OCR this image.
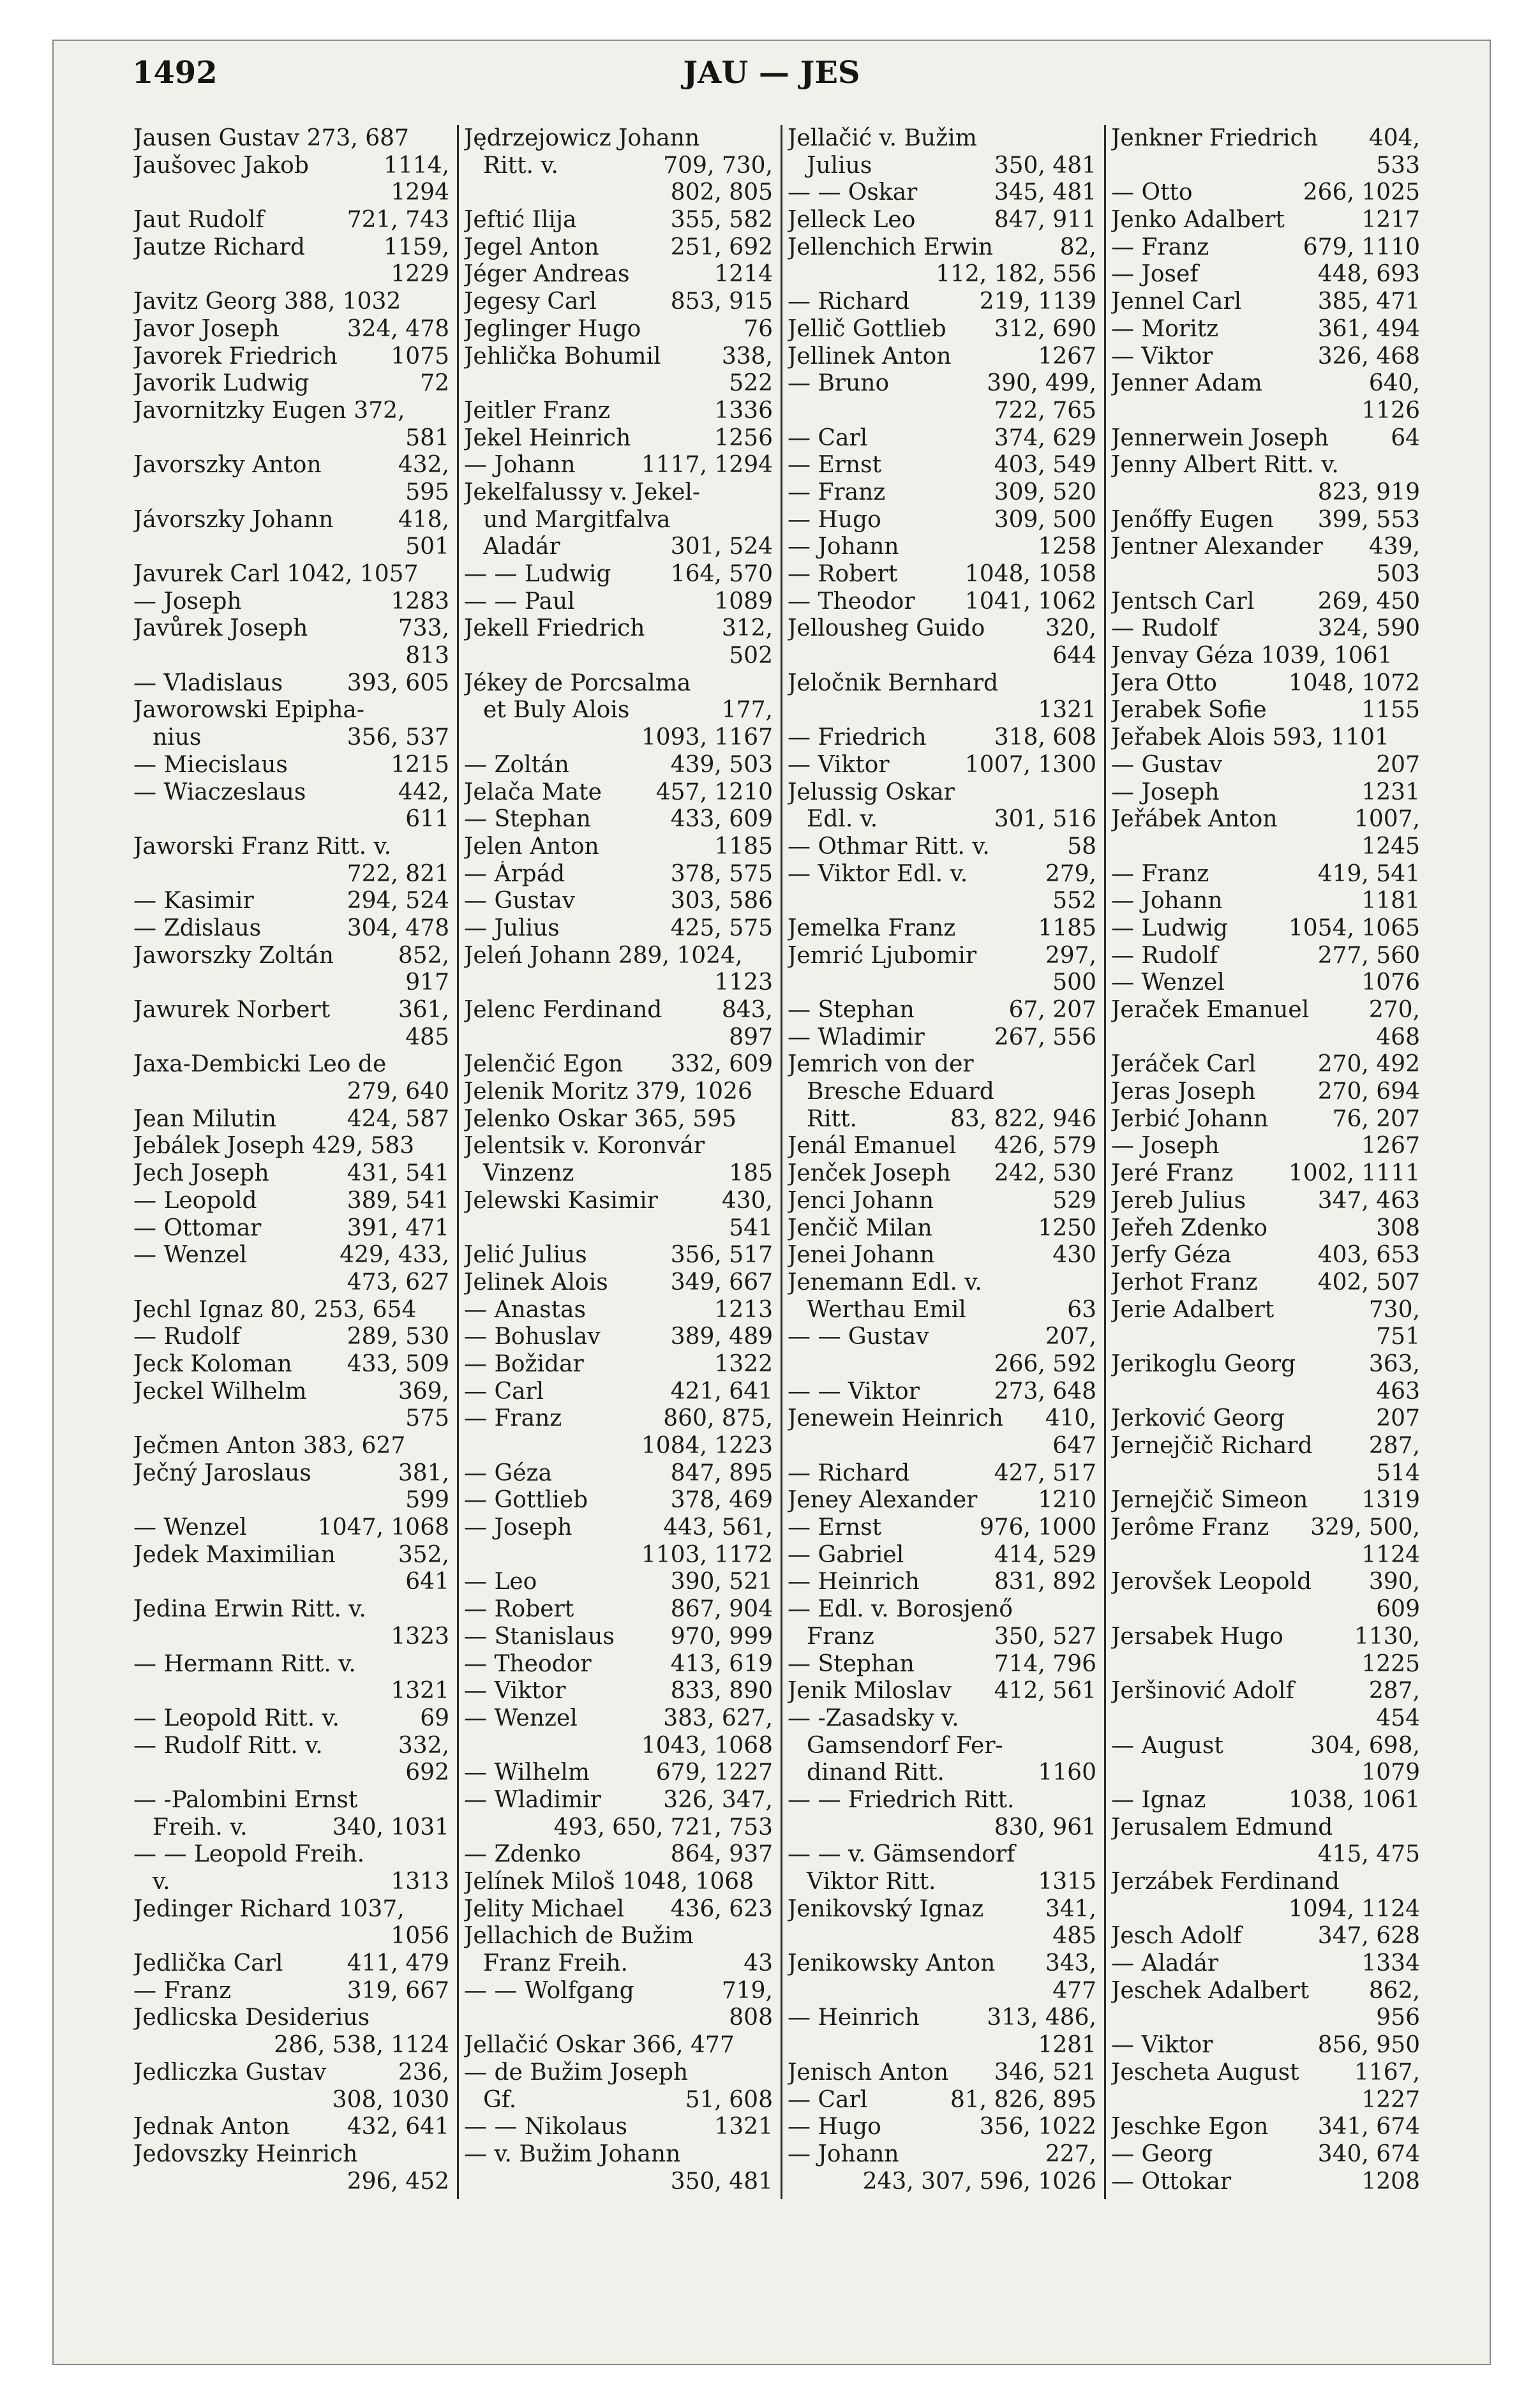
1492	JAU — JES
Jausen Gustav 273, 687
Jaušovec Jakob	1114,
1294
Jaut Rudolf	721, 743
Jautze Richard	1159,
1229
Javitz Georg 388, 1032
Javor Joseph	324, 478
Javorek Friedrich 1075
Javorik Ludwig	72
Javornitzky Eugen 372,
581
Javorszky Anton	432,
595
Jávorszky Johann	418,
501
Javurek Carl 1042, 1057
— Joseph	1283
Javůrek Joseph	733,
813
— Vladislaus	393, 605
Jaworowski Epipha-
nius	356, 537
— Miecislaus	1215
— Wiaczeslaus	442,
611
Jaworski Franz Ritt. v.
722, 821
— Kasimir	294, 524
— Zdislaus	304, 478
Jaworszky Zoltán	852,
917
Jawurek Norbert	361,
485
Jaxa-Dembicki Leo de
279, 640
Jean Milutin	424, 587
Jebálek Joseph 429, 583
Jech Joseph	431, 541
— Leopold	389, 541
— Ottomar	391, 471
— Wenzel	429, 433,
473, 627
Jechl Ignaz 80, 253, 654
— Rudolf	289, 530
Jeck Koloman 433, 509
Jeckel Wilhelm	369,
575
Ječmen Anton 383, 627
Ječný Jaroslaus	381,
599
— Wenzel	1047, 1068
Jedek Maximilian	352,
641
Jedina Erwin Ritt. v.
1323
— Hermann Ritt. v.
1321
— Leopold Ritt. v.	69
— Rudolf Ritt. v.	332,
692
— -Palombini Ernst
Freih. v.	340, 1031
— — Leopold Freih.
v.	1313
Jedinger Richard 1037,
1056
Jedlička Carl	411, 479
— Franz	319, 667
Jedlicska Desiderius
286, 538, 1124
Jedliczka Gustav	236,
308, 1030
Jednak Anton 432, 641
Jedovszky Heinrich
296, 452
Jędrzejowicz Johann
Ritt. v.	709, 730,
802, 805
Jeftić Ilija	355, 582
Jegel Anton	251, 692
Jéger Andreas	1214
Jegesy Carl	853, 915
Jeglinger Hugo	76
Jehlička Bohumil	338,
522
Jeitler Franz	1336
Jekel Heinrich	1256
— Johann	1117, 1294
Jekelfalussy v. Jekel-
und Margitfalva
Aladár	301, 524
— — Ludwig	164, 570
— — Paul	1089
Jekell Friedrich	312,
502
Jékey de Porcsalma
et Buly Alois	177,
1093, 1167
— Zoltán	439, 503
Jelača Mate 457, 1210
— Stephan	433, 609
Jelen Anton	1185
— Árpád	378, 575
— Gustav	303, 586
— Julius	425, 575
Jeleń Johann 289, 1024,
1123
Jelenc Ferdinand	843,
897
Jelenčić Egon 332, 609
Jelenik Moritz 379, 1026
Jelenko Oskar 365, 595
Jelentsik v. Koronvár
Vinzenz	185
Jelewski Kasimir	430,
541
Jelić Julius	356, 517
Jelinek Alois	349, 667
— Anastas	1213
— Bohuslav	389, 489
— Božidar	1322
— Carl	421, 641
— Franz	860, 875,
1084, 1223
— Géza	847, 895
— Gottlieb	378, 469
— Joseph	443, 561,
1103, 1172
— Leo	390, 521
— Robert	867, 904
— Stanislaus 970, 999
— Theodor	413, 619
— Viktor	833, 890
— Wenzel	383, 627,
1043, 1068
— Wilhelm	679, 1227
— Wladimir	326, 347,
493, 650, 721, 753
— Zdenko	864, 937
Jelínek Miloš 1048, 1068
Jelity Michael 436, 623
Jellachich de Bužim
Franz Freih.	43
— — Wolfgang	719,
808
Jellačić Oskar 366, 477
— de Bužim Joseph
Gf.	51, 608
— — Nikolaus	1321
— v. Bužim Johann
350, 481
Jellačić v. Bužim
Julius	350, 481
— — Oskar	345, 481
Jelleck Leo	847, 911
Jellenchich Erwin	82,
112, 182, 556
— Richard	219, 1139
Jellič Gottlieb 312, 690
Jellinek Anton	1267
— Bruno	390, 499,
722, 765
— Carl	374, 629
— Ernst	403, 549
— Franz	309, 520
— Hugo	309, 500
— Johann	1258
— Robert	1048, 1058
— Theodor 1041, 1062
Jellousheg Guido	320,
644
Jeločnik Bernhard
1321
— Friedrich	318, 608
— Viktor	1007, 1300
Jelussig Oskar
Edl. v.	301, 516
— Othmar Ritt. v.	58
— Viktor Edl. v.	279,
552
Jemelka Franz	1185
Jemrić Ljubomir	297,
500
— Stephan	67, 207
— Wladimir	267, 556
Jemrich von der
Bresche Eduard
Ritt.	83, 822, 946
Jenál Emanuel 426, 579
Jenček Joseph 242, 530
Jenci Johann	529
Jenčič Milan	1250
Jenei Johann	430
Jenemann Edl. v.
Werthau Emil	63
— — Gustav	207,
266, 592
— — Viktor	273, 648
Jenewein Heinrich 410,
647
— Richard	427, 517
Jeney Alexander	1210
— Ernst	976, 1000
— Gabriel	414, 529
— Heinrich	831, 892
— Edl. v. Borosjenő
Franz	350, 527
— Stephan	714, 796
Jenik Miloslav 412, 561
— -Zasadsky v.
Gamsendorf Fer-
dinand Ritt.	1160
— — Friedrich Ritt.
830, 961
— — v. Gämsendorf
Viktor Ritt.	1315
Jenikovský Ignaz	341,
485
Jenikowsky Anton 343,
477
— Heinrich	313, 486,
1281
Jenisch Anton 346, 521
— Carl	81, 826, 895
— Hugo	356, 1022
— Johann	227,
243, 307, 596, 1026
Jenkner Friedrich 404,
533
— Otto	266, 1025
Jenko Adalbert	1217
— Franz	679, 1110
— Josef	448, 693
Jennel Carl	385, 471
— Moritz	361, 494
— Viktor	326, 468
Jenner Adam	640,
1126
Jennerwein Joseph	64
Jenny Albert Ritt. v.
823, 919
Jenőffy Eugen 399, 553
Jentner Alexander 439,
503
Jentsch Carl	269, 450
— Rudolf	324, 590
Jenvay Géza 1039, 1061
Jera Otto	1048, 1072
Jerabek Sofie	1155
Jeřabek Alois 593, 1101
— Gustav	207
— Joseph	1231
Jeřábek Anton	1007,
1245
— Franz	419, 541
— Johann	1181
— Ludwig	1054, 1065
— Rudolf	277, 560
— Wenzel	1076
Jeraček Emanuel	270,
468
Jeráček Carl	270, 492
Jeras Joseph	270, 694
Jerbić Johann	76, 207
— Joseph	1267
Jeré Franz 1002, 1111
Jereb Julius	347, 463
Jeřeh Zdenko	308
Jerfy Géza	403, 653
Jerhot Franz	402, 507
Jerie Adalbert	730,
751
Jerikoglu Georg	363,
463
Jerković Georg	207
Jernejčič Richard 287,
514
Jernejčič Simeon 1319
Jerôme Franz 329, 500,
1124
Jerovšek Leopold 390,
609
Jersabek Hugo	1130,
1225
Jeršinović Adolf	287,
454
— August	304, 698,
1079
— Ignaz	1038, 1061
Jerusalem Edmund
415, 475
Jerzábek Ferdinand
1094, 1124
Jesch Adolf	347, 628
— Aladár	1334
Jeschek Adalbert	862,
956
— Viktor	856, 950
Jescheta August 1167,
1227
Jeschke Egon 341, 674
— Georg	340, 674
— Ottokar	1208
